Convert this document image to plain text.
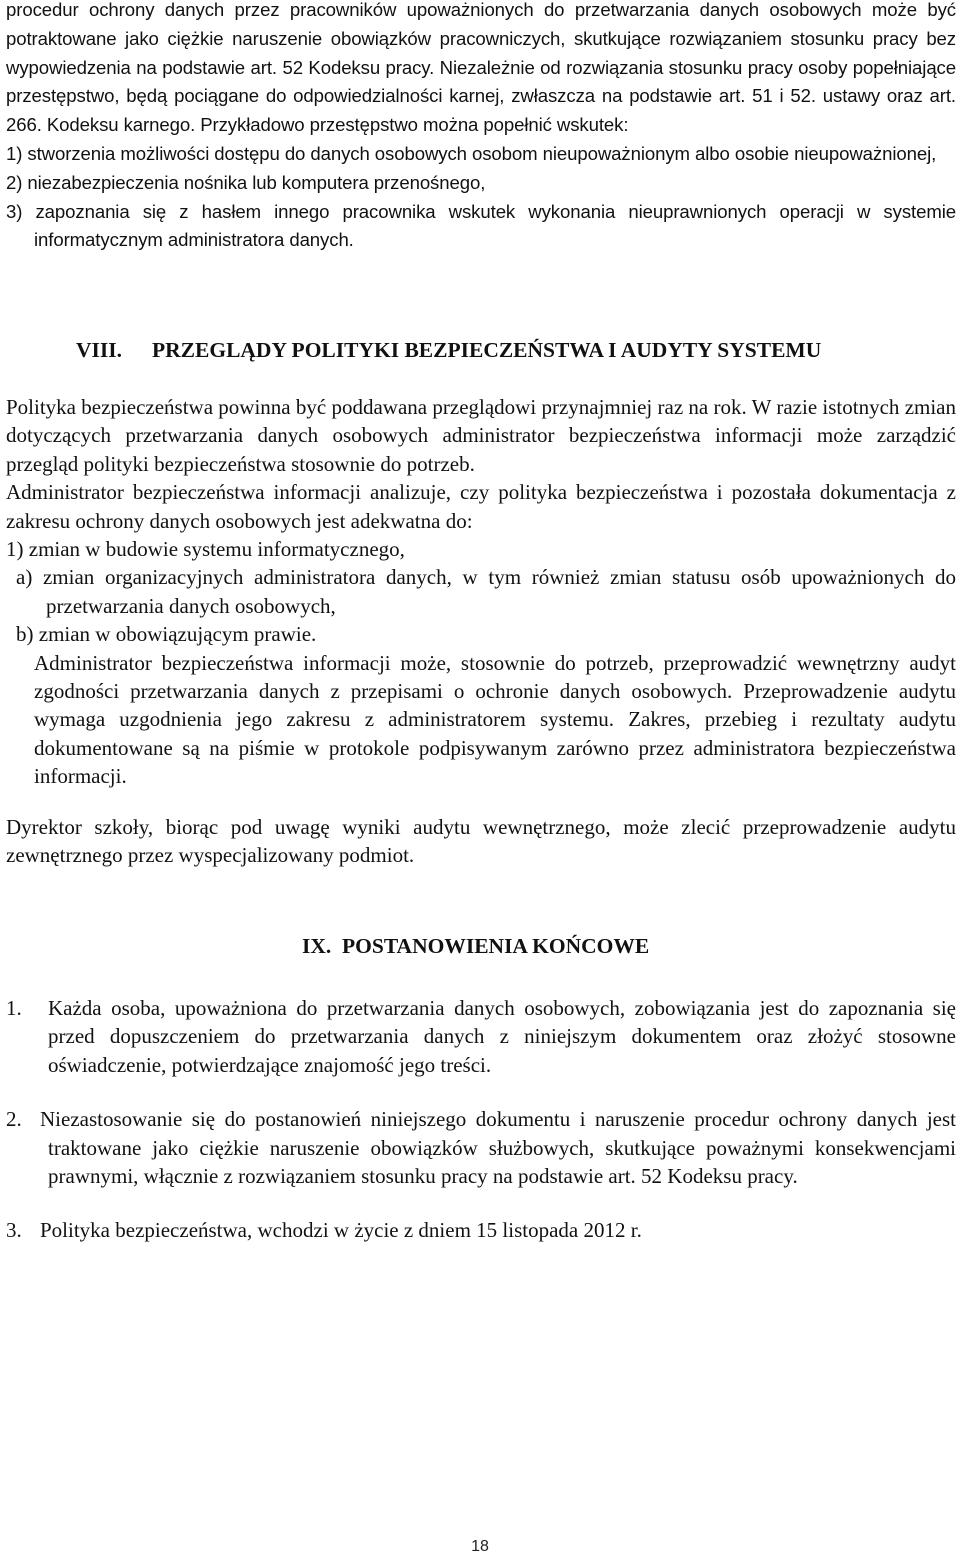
procedur ochrony danych przez pracowników upoważnionych do przetwarzania danych osobowych może być potraktowane jako ciężkie naruszenie obowiązków pracowniczych, skutkujące rozwiązaniem stosunku pracy bez wypowiedzenia na podstawie art. 52 Kodeksu pracy. Niezależnie od rozwiązania stosunku pracy osoby popełniające przestępstwo, będą pociągane do odpowiedzialności karnej, zwłaszcza na podstawie art. 51 i 52. ustawy oraz art. 266. Kodeksu karnego. Przykładowo przestępstwo można popełnić wskutek:

1) stworzenia możliwości dostępu do danych osobowych osobom nieupoważnionym albo osobie nieupoważnionej,

2) niezabezpieczenia nośnika lub komputera przenośnego,

3) zapoznania się z hasłem innego pracownika wskutek wykonania nieuprawnionych operacji w systemie informatycznym administratora danych.

VIII. PRZEGLĄDY POLITYKI BEZPIECZEŃSTWA I AUDYTY SYSTEMU

Polityka bezpieczeństwa powinna być poddawana przeglądowi przynajmniej raz na rok. W razie istotnych zmian dotyczących przetwarzania danych osobowych administrator bezpieczeństwa informacji może zarządzić przegląd polityki bezpieczeństwa stosownie do potrzeb.

Administrator bezpieczeństwa informacji analizuje, czy polityka bezpieczeństwa i pozostała dokumentacja z zakresu ochrony danych osobowych jest adekwatna do:

1) zmian w budowie systemu informatycznego,

a) zmian organizacyjnych administratora danych, w tym również zmian statusu osób upoważnionych do przetwarzania danych osobowych,

b) zmian w obowiązującym prawie.

Administrator bezpieczeństwa informacji może, stosownie do potrzeb, przeprowadzić wewnętrzny audyt zgodności przetwarzania danych z przepisami o ochronie danych osobowych. Przeprowadzenie audytu wymaga uzgodnienia jego zakresu z administratorem systemu. Zakres, przebieg i rezultaty audytu dokumentowane są na piśmie w protokole podpisywanym zarówno przez administratora bezpieczeństwa informacji.

Dyrektor szkoły, biorąc pod uwagę wyniki audytu wewnętrznego, może zlecić przeprowadzenie audytu zewnętrznego przez wyspecjalizowany podmiot.

IX. POSTANOWIENIA KOŃCOWE

1. Każda osoba, upoważniona do przetwarzania danych osobowych, zobowiązania jest do zapoznania się przed dopuszczeniem do przetwarzania danych z niniejszym dokumentem oraz złożyć stosowne oświadczenie, potwierdzające znajomość jego treści.

2. Niezastosowanie się do postanowień niniejszego dokumentu i naruszenie procedur ochrony danych jest traktowane jako ciężkie naruszenie obowiązków służbowych, skutkujące poważnymi konsekwencjami prawnymi, włącznie z rozwiązaniem stosunku pracy na podstawie art. 52 Kodeksu pracy.

3. Polityka bezpieczeństwa, wchodzi w życie z dniem 15 listopada 2012 r.

18
